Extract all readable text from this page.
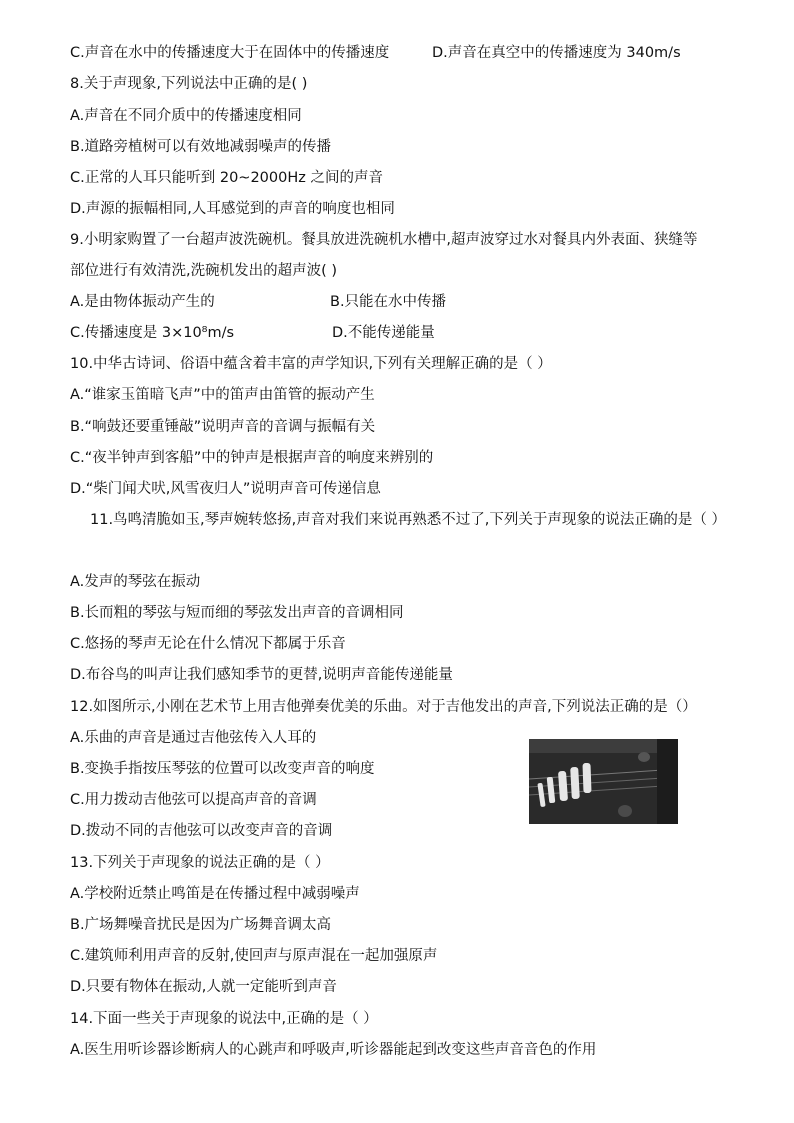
C.声音在水中的传播速度大于在固体中的传播速度	D.声音在真空中的传播速度为 340m/s
8.关于声现象,下列说法中正确的是( )
A.声音在不同介质中的传播速度相同
B.道路旁植树可以有效地减弱噪声的传播
C.正常的人耳只能听到 20~2000Hz 之间的声音
D.声源的振幅相同,人耳感觉到的声音的响度也相同
9.小明家购置了一台超声波洗碗机。餐具放进洗碗机水槽中,超声波穿过水对餐具内外表面、狭缝等
部位进行有效清洗,洗碗机发出的超声波( )
A.是由物体振动产生的	B.只能在水中传播
C.传播速度是 3×10⁸m/s	D.不能传递能量
10.中华古诗词、俗语中蕴含着丰富的声学知识,下列有关理解正确的是（ ）
A.“谁家玉笛暗飞声”中的笛声由笛管的振动产生
B.“响鼓还要重锤敲”说明声音的音调与振幅有关
C.“夜半钟声到客船”中的钟声是根据声音的响度来辨别的
D.“柴门闻犬吠,风雪夜归人”说明声音可传递信息
11.鸟鸣清脆如玉,琴声婉转悠扬,声音对我们来说再熟悉不过了,下列关于声现象的说法正确的是（ ）
A.发声的琴弦在振动
B.长而粗的琴弦与短而细的琴弦发出声音的音调相同
C.悠扬的琴声无论在什么情况下都属于乐音
D.布谷鸟的叫声让我们感知季节的更替,说明声音能传递能量
12.如图所示,小刚在艺术节上用吉他弹奏优美的乐曲。对于吉他发出的声音,下列说法正确的是（）
A.乐曲的声音是通过吉他弦传入人耳的
B.变换手指按压琴弦的位置可以改变声音的响度
C.用力拨动吉他弦可以提高声音的音调
D.拨动不同的吉他弦可以改变声音的音调
13.下列关于声现象的说法正确的是（ ）
A.学校附近禁止鸣笛是在传播过程中减弱噪声
B.广场舞噪音扰民是因为广场舞音调太高
C.建筑师利用声音的反射,使回声与原声混在一起加强原声
D.只要有物体在振动,人就一定能听到声音
14.下面一些关于声现象的说法中,正确的是（ ）
A.医生用听诊器诊断病人的心跳声和呼吸声,听诊器能起到改变这些声音音色的作用
